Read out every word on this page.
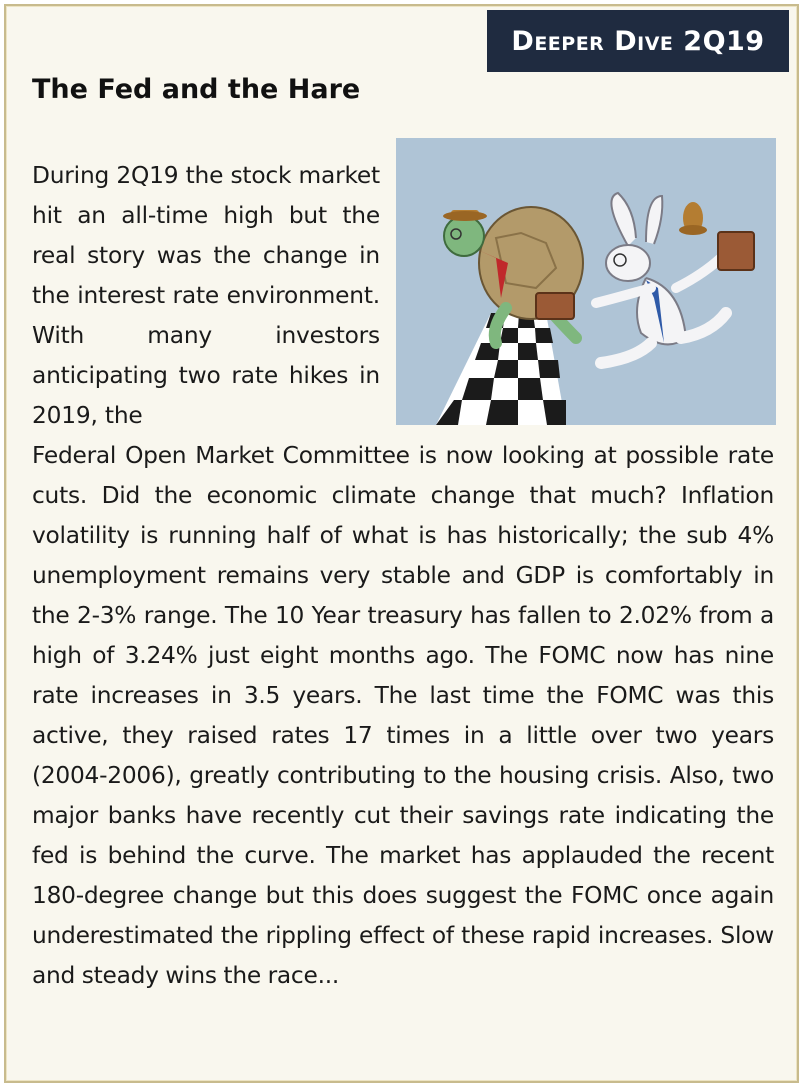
Deeper Dive 2Q19
The Fed and the Hare

During 2Q19 the stock market hit an all-time high but the real story was the change in the interest rate environment. With many investors anticipating two rate hikes in 2019, the

Federal Open Market Committee is now looking at possible rate cuts. Did the economic climate change that much? Inflation volatility is running half of what is has historically; the sub 4% unemployment remains very stable and GDP is comfortably in the 2-3% range. The 10 Year treasury has fallen to 2.02% from a high of 3.24% just eight months ago. The FOMC now has nine rate increases in 3.5 years. The last time the FOMC was this active, they raised rates 17 times in a little over two years (2004-2006), greatly contributing to the housing crisis. Also, two major banks have recently cut their savings rate indicating the fed is behind the curve. The market has applauded the recent 180-degree change but this does suggest the FOMC once again underestimated the rippling effect of these rapid increases. Slow and steady wins the race...
